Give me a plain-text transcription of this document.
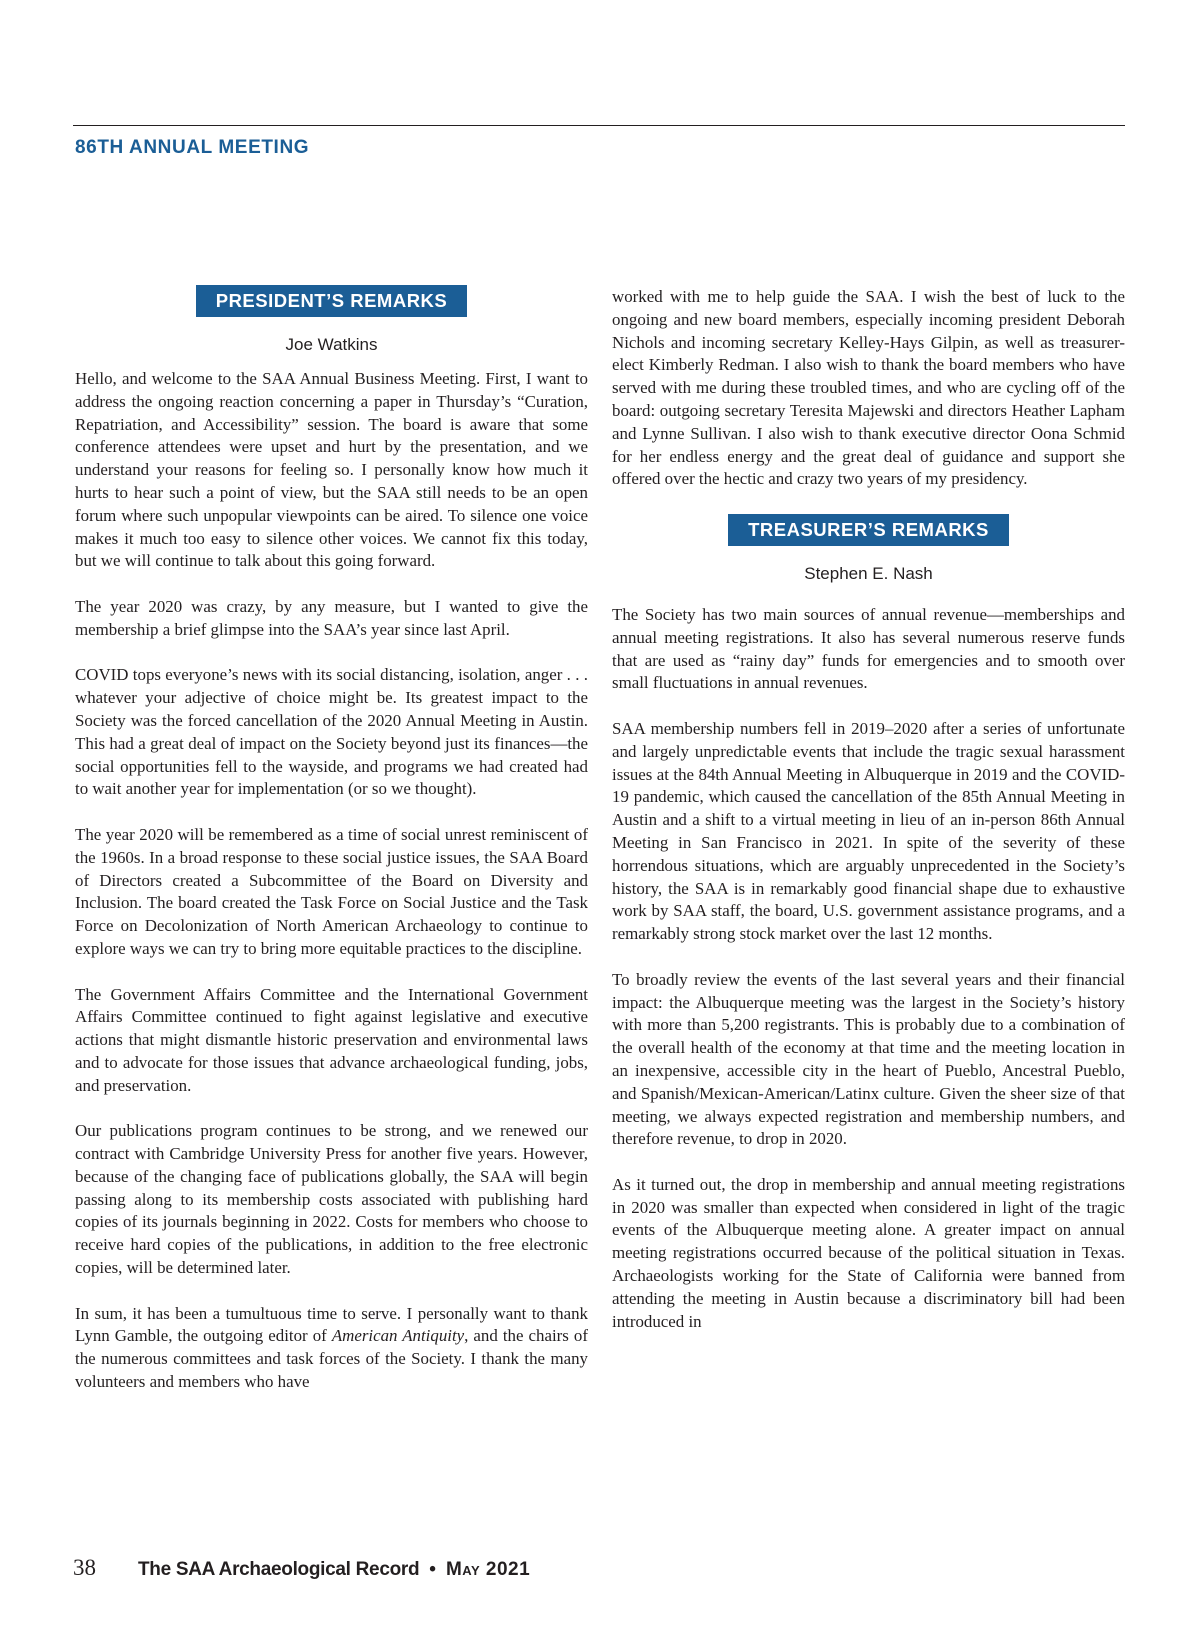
86TH ANNUAL MEETING
PRESIDENT’S REMARKS
Joe Watkins

Hello, and welcome to the SAA Annual Business Meeting. First, I want to address the ongoing reaction concerning a paper in Thursday’s “Curation, Repatriation, and Accessibility” session. The board is aware that some conference attendees were upset and hurt by the presentation, and we understand your reasons for feeling so. I personally know how much it hurts to hear such a point of view, but the SAA still needs to be an open forum where such unpopular viewpoints can be aired. To silence one voice makes it much too easy to silence other voices. We cannot fix this today, but we will continue to talk about this going forward.

The year 2020 was crazy, by any measure, but I wanted to give the membership a brief glimpse into the SAA’s year since last April.

COVID tops everyone’s news with its social distancing, isolation, anger . . . whatever your adjective of choice might be. Its greatest impact to the Society was the forced cancellation of the 2020 Annual Meeting in Austin. This had a great deal of impact on the Society beyond just its finances—the social opportunities fell to the wayside, and programs we had created had to wait another year for implementation (or so we thought).

The year 2020 will be remembered as a time of social unrest reminiscent of the 1960s. In a broad response to these social justice issues, the SAA Board of Directors created a Subcommittee of the Board on Diversity and Inclusion. The board created the Task Force on Social Justice and the Task Force on Decolonization of North American Archaeology to continue to explore ways we can try to bring more equitable practices to the discipline.

The Government Affairs Committee and the International Government Affairs Committee continued to fight against legislative and executive actions that might dismantle historic preservation and environmental laws and to advocate for those issues that advance archaeological funding, jobs, and preservation.

Our publications program continues to be strong, and we renewed our contract with Cambridge University Press for another five years. However, because of the changing face of publications globally, the SAA will begin passing along to its membership costs associated with publishing hard copies of its journals beginning in 2022. Costs for members who choose to receive hard copies of the publications, in addition to the free electronic copies, will be determined later.

In sum, it has been a tumultuous time to serve. I personally want to thank Lynn Gamble, the outgoing editor of American Antiquity, and the chairs of the numerous committees and task forces of the Society. I thank the many volunteers and members who have

worked with me to help guide the SAA. I wish the best of luck to the ongoing and new board members, especially incoming president Deborah Nichols and incoming secretary Kelley-Hays Gilpin, as well as treasurer-elect Kimberly Redman. I also wish to thank the board members who have served with me during these troubled times, and who are cycling off of the board: outgoing secretary Teresita Majewski and directors Heather Lapham and Lynne Sullivan. I also wish to thank executive director Oona Schmid for her endless energy and the great deal of guidance and support she offered over the hectic and crazy two years of my presidency.

TREASURER’S REMARKS
Stephen E. Nash

The Society has two main sources of annual revenue—memberships and annual meeting registrations. It also has several numerous reserve funds that are used as “rainy day” funds for emergencies and to smooth over small fluctuations in annual revenues.

SAA membership numbers fell in 2019–2020 after a series of unfortunate and largely unpredictable events that include the tragic sexual harassment issues at the 84th Annual Meeting in Albuquerque in 2019 and the COVID-19 pandemic, which caused the cancellation of the 85th Annual Meeting in Austin and a shift to a virtual meeting in lieu of an in-person 86th Annual Meeting in San Francisco in 2021. In spite of the severity of these horrendous situations, which are arguably unprecedented in the Society’s history, the SAA is in remarkably good financial shape due to exhaustive work by SAA staff, the board, U.S. government assistance programs, and a remarkably strong stock market over the last 12 months.

To broadly review the events of the last several years and their financial impact: the Albuquerque meeting was the largest in the Society’s history with more than 5,200 registrants. This is probably due to a combination of the overall health of the economy at that time and the meeting location in an inexpensive, accessible city in the heart of Pueblo, Ancestral Pueblo, and Spanish/Mexican-American/Latinx culture. Given the sheer size of that meeting, we always expected registration and membership numbers, and therefore revenue, to drop in 2020.

As it turned out, the drop in membership and annual meeting registrations in 2020 was smaller than expected when considered in light of the tragic events of the Albuquerque meeting alone. A greater impact on annual meeting registrations occurred because of the political situation in Texas. Archaeologists working for the State of California were banned from attending the meeting in Austin because a discriminatory bill had been introduced in

38 The SAA Archaeological Record • May 2021
